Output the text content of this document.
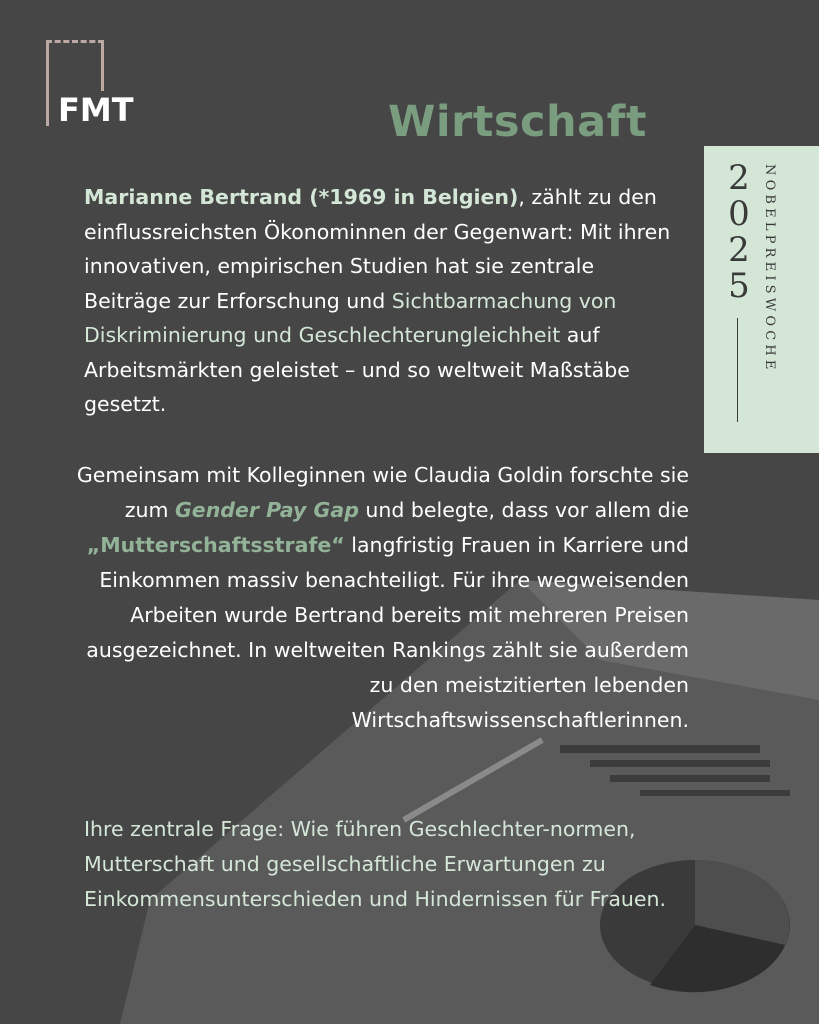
FMT	Wirtschaft
2
0
2
5 NOBELPREISWOCHE
Marianne Bertrand (*1969 in Belgien), zählt zu den einflussreichsten Ökonominnen der Gegenwart: Mit ihren innovativen, empirischen Studien hat sie zentrale Beiträge zur Erforschung und Sichtbarmachung von Diskriminierung und Geschlechterungleichheit auf Arbeitsmärkten geleistet – und so weltweit Maßstäbe gesetzt.
Gemeinsam mit Kolleginnen wie Claudia Goldin forschte sie zum Gender Pay Gap und belegte, dass vor allem die „Mutterschaftsstrafe“ langfristig Frauen in Karriere und Einkommen massiv benachteiligt. Für ihre wegweisenden Arbeiten wurde Bertrand bereits mit mehreren Preisen ausgezeichnet. In weltweiten Rankings zählt sie außerdem zu den meistzitierten lebenden Wirtschaftswissenschaftlerinnen.
Ihre zentrale Frage: Wie führen Geschlechter-normen, Mutterschaft und gesellschaftliche Erwartungen zu Einkommensunterschieden und Hindernissen für Frauen.
